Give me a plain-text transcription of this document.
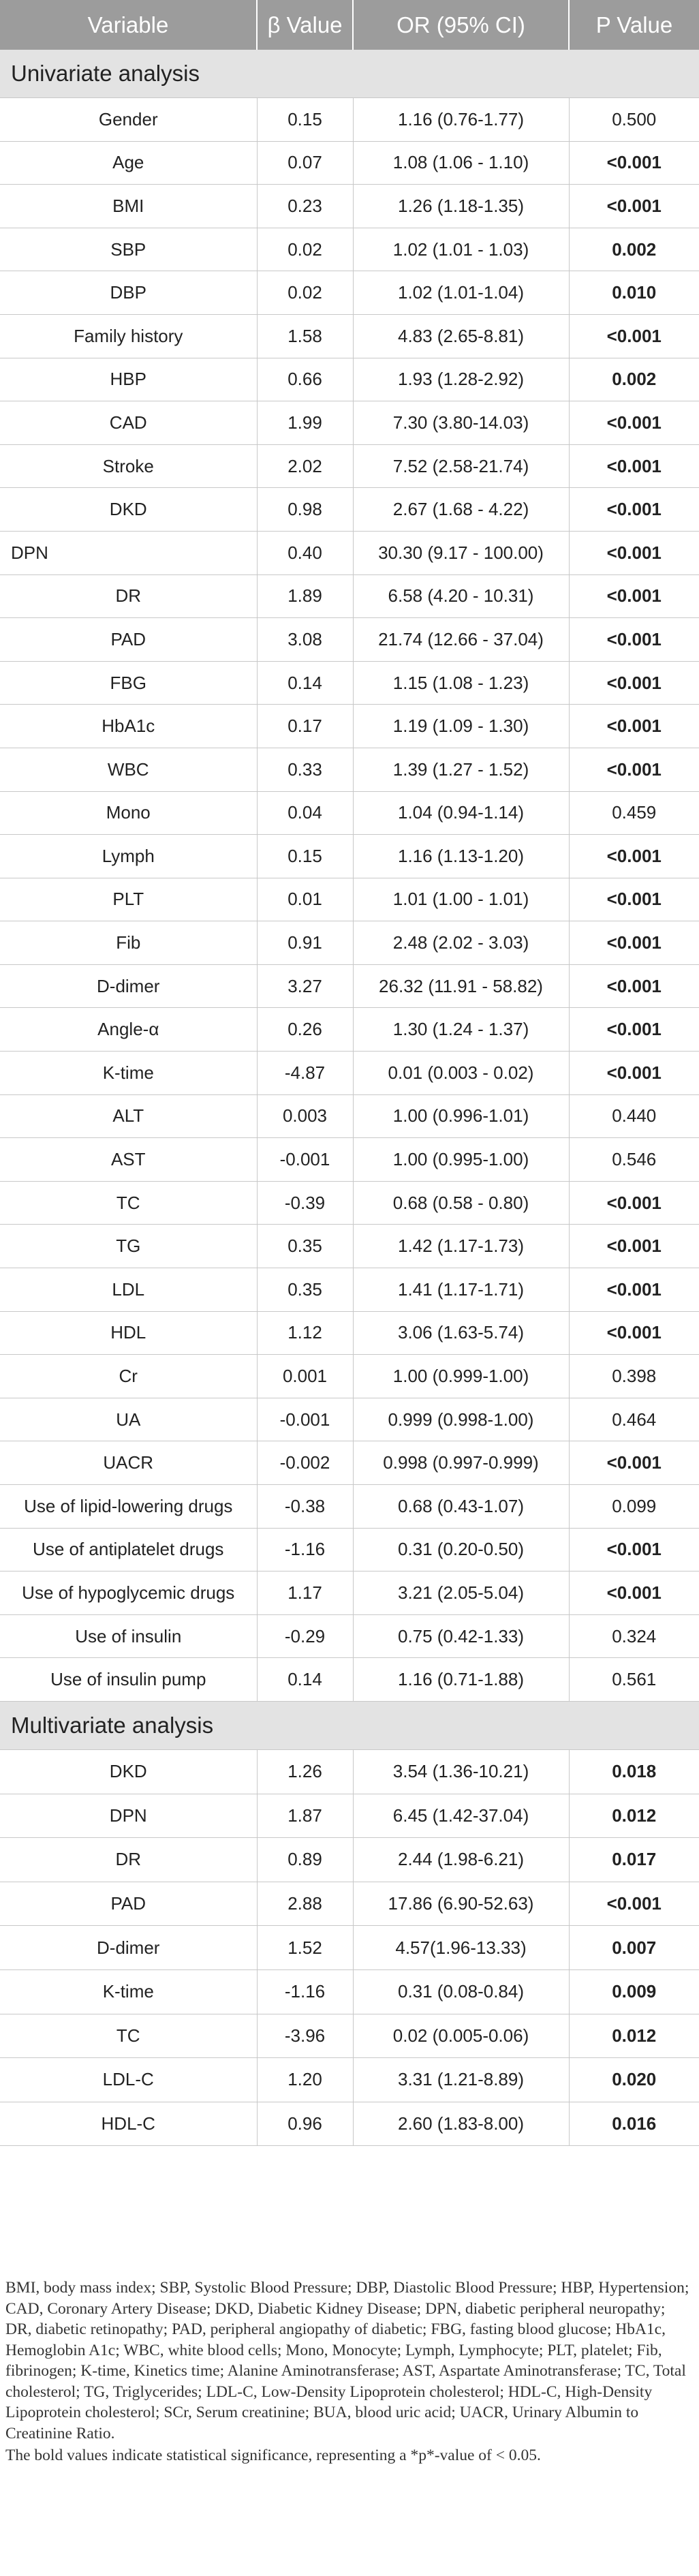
Variable	β Value	OR (95% CI)	P Value
Univariate analysis			
Gender	0.15	1.16 (0.76-1.77)	0.500
Age	0.07	1.08 (1.06 - 1.10)	<0.001
BMI	0.23	1.26 (1.18-1.35)	<0.001
SBP	0.02	1.02 (1.01 - 1.03)	0.002
DBP	0.02	1.02 (1.01-1.04)	0.010
Family history	1.58	4.83 (2.65-8.81)	<0.001
HBP	0.66	1.93 (1.28-2.92)	0.002
CAD	1.99	7.30 (3.80-14.03)	<0.001
Stroke	2.02	7.52 (2.58-21.74)	<0.001
DKD	0.98	2.67 (1.68 - 4.22)	<0.001
DPN	0.40	30.30 (9.17 - 100.00)	<0.001
DR	1.89	6.58 (4.20 - 10.31)	<0.001
PAD	3.08	21.74 (12.66 - 37.04)	<0.001
FBG	0.14	1.15 (1.08 - 1.23)	<0.001
HbA1c	0.17	1.19 (1.09 - 1.30)	<0.001
WBC	0.33	1.39 (1.27 - 1.52)	<0.001
Mono	0.04	1.04 (0.94-1.14)	0.459
Lymph	0.15	1.16 (1.13-1.20)	<0.001
PLT	0.01	1.01 (1.00 - 1.01)	<0.001
Fib	0.91	2.48 (2.02 - 3.03)	<0.001
D-dimer	3.27	26.32 (11.91 - 58.82)	<0.001
Angle-α	0.26	1.30 (1.24 - 1.37)	<0.001
K-time	-4.87	0.01 (0.003 - 0.02)	<0.001
ALT	0.003	1.00 (0.996-1.01)	0.440
AST	-0.001	1.00 (0.995-1.00)	0.546
TC	-0.39	0.68 (0.58 - 0.80)	<0.001
TG	0.35	1.42 (1.17-1.73)	<0.001
LDL	0.35	1.41 (1.17-1.71)	<0.001
HDL	1.12	3.06 (1.63-5.74)	<0.001
Cr	0.001	1.00 (0.999-1.00)	0.398
UA	-0.001	0.999 (0.998-1.00)	0.464
UACR	-0.002	0.998 (0.997-0.999)	<0.001
Use of lipid-lowering drugs	-0.38	0.68 (0.43-1.07)	0.099
Use of antiplatelet drugs	-1.16	0.31 (0.20-0.50)	<0.001
Use of hypoglycemic drugs	1.17	3.21 (2.05-5.04)	<0.001
Use of insulin	-0.29	0.75 (0.42-1.33)	0.324
Use of insulin pump	0.14	1.16 (0.71-1.88)	0.561
Multivariate analysis			
DKD	1.26	3.54 (1.36-10.21)	0.018
DPN	1.87	6.45 (1.42-37.04)	0.012
DR	0.89	2.44 (1.98-6.21)	0.017
PAD	2.88	17.86 (6.90-52.63)	<0.001
D-dimer	1.52	4.57(1.96-13.33)	0.007
K-time	-1.16	0.31 (0.08-0.84)	0.009
TC	-3.96	0.02 (0.005-0.06)	0.012
LDL-C	1.20	3.31 (1.21-8.89)	0.020
HDL-C	0.96	2.60 (1.83-8.00)	0.016

BMI, body mass index; SBP, Systolic Blood Pressure; DBP, Diastolic Blood Pressure; HBP, Hypertension; CAD, Coronary Artery Disease; DKD, Diabetic Kidney Disease; DPN, diabetic peripheral neuropathy; DR, diabetic retinopathy; PAD, peripheral angiopathy of diabetic; FBG, fasting blood glucose; HbA1c, Hemoglobin A1c; WBC, white blood cells; Mono, Monocyte; Lymph, Lymphocyte; PLT, platelet; Fib, fibrinogen; K-time, Kinetics time; Alanine Aminotransferase; AST, Aspartate Aminotransferase; TC, Total cholesterol; TG, Triglycerides; LDL-C, Low-Density Lipoprotein cholesterol; HDL-C, High-Density Lipoprotein cholesterol; SCr, Serum creatinine; BUA, blood uric acid; UACR, Urinary Albumin to Creatinine Ratio.

The bold values indicate statistical significance, representing a *p*-value of < 0.05.
